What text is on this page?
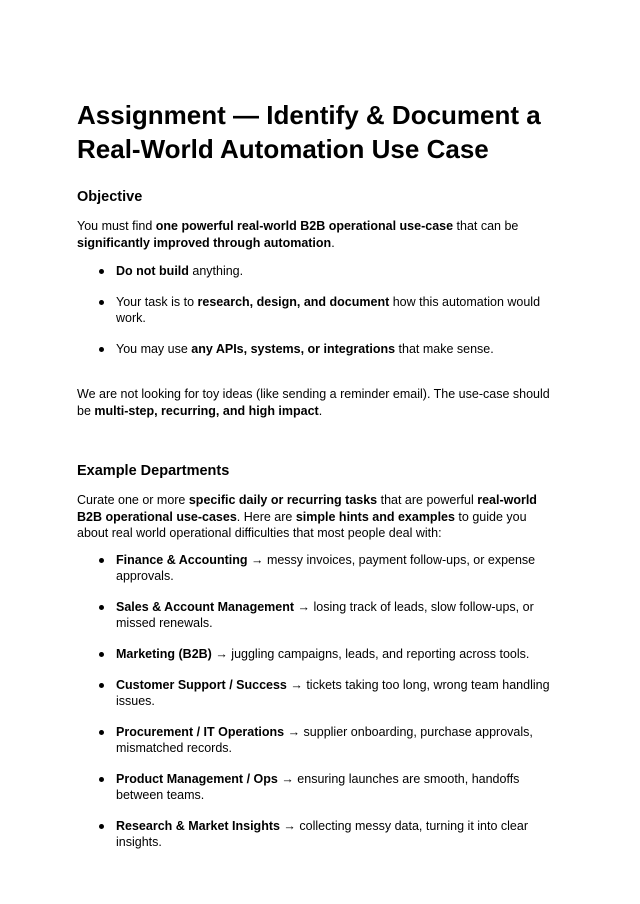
Assignment — Identify & Document a Real-World Automation Use Case
Objective

You must find one powerful real-world B2B operational use-case that can be significantly improved through automation.

Do not build anything.
Your task is to research, design, and document how this automation would work.
You may use any APIs, systems, or integrations that make sense.

We are not looking for toy ideas (like sending a reminder email). The use-case should be multi-step, recurring, and high impact.

Example Departments

Curate one or more specific daily or recurring tasks that are powerful real-world B2B operational use-cases. Here are simple hints and examples to guide you about real world operational difficulties that most people deal with:

Finance & Accounting → messy invoices, payment follow-ups, or expense approvals.
Sales & Account Management → losing track of leads, slow follow-ups, or missed renewals.
Marketing (B2B) → juggling campaigns, leads, and reporting across tools.
Customer Support / Success → tickets taking too long, wrong team handling issues.
Procurement / IT Operations → supplier onboarding, purchase approvals, mismatched records.
Product Management / Ops → ensuring launches are smooth, handoffs between teams.
Research & Market Insights → collecting messy data, turning it into clear insights.
